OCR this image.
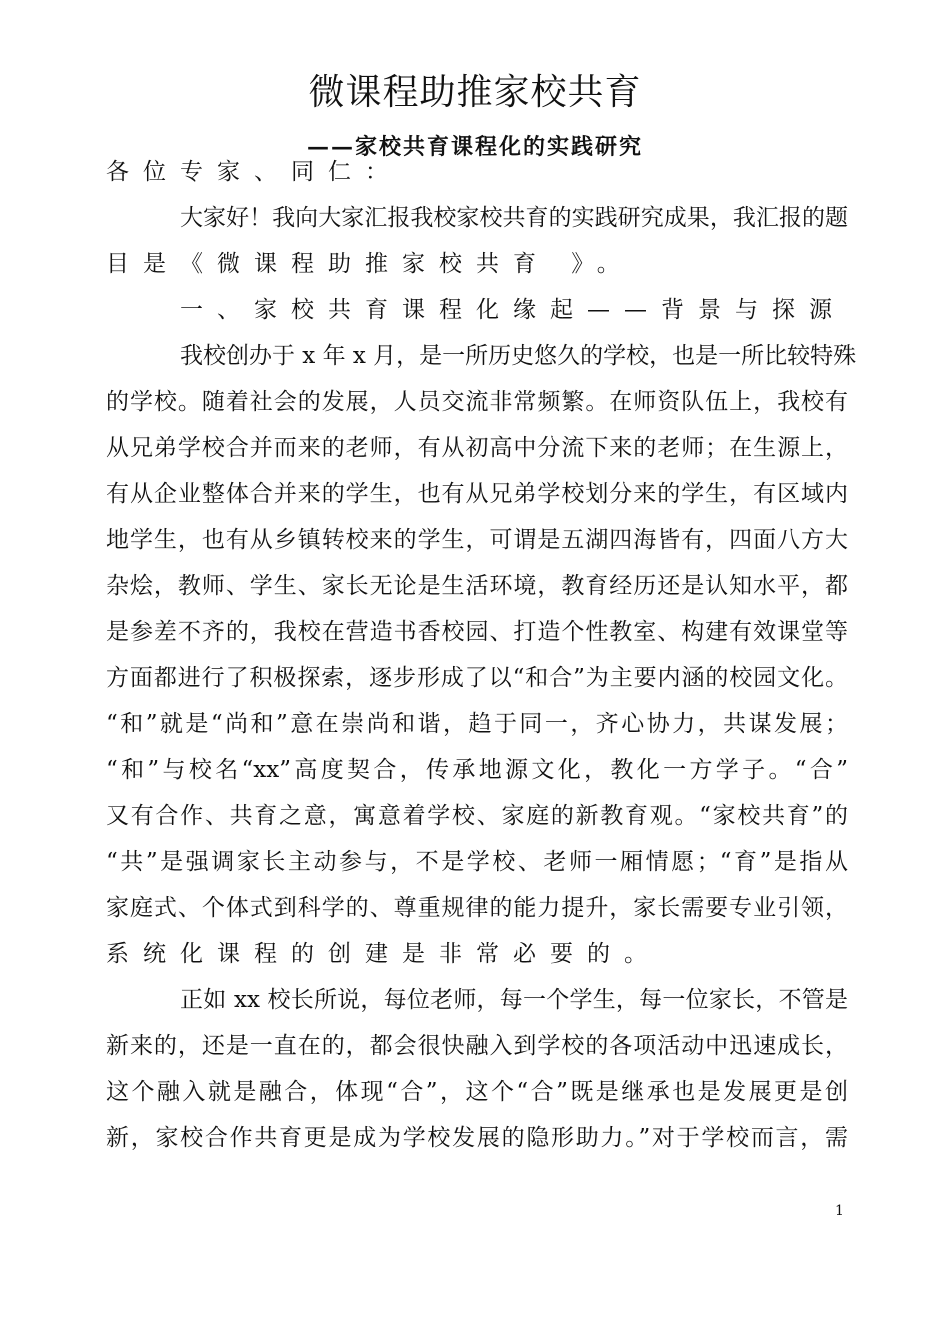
微课程助推家校共育
——家校共育课程化的实践研究
各位专家、同仁：
大家好！我向大家汇报我校家校共育的实践研究成果，我汇报的题
目是《微课程助推家校共育 》。
一、家校共育课程化缘起——背景与探源
我校创办于 x 年 x 月，是一所历史悠久的学校，也是一所比较特殊
的学校。随着社会的发展，人员交流非常频繁。在师资队伍上，我校有
从兄弟学校合并而来的老师，有从初高中分流下来的老师；在生源上，
有从企业整体合并来的学生，也有从兄弟学校划分来的学生，有区域内
地学生，也有从乡镇转校来的学生，可谓是五湖四海皆有，四面八方大
杂烩，教师、学生、家长无论是生活环境，教育经历还是认知水平，都
是参差不齐的，我校在营造书香校园、打造个性教室、构建有效课堂等
方面都进行了积极探索，逐步形成了以“和合”为主要内涵的校园文化。
“和”就是“尚和”意在崇尚和谐，趋于同一，齐心协力，共谋发展；
“和”与校名“xx”高度契合，传承地源文化，教化一方学子。“合”
又有合作、共育之意，寓意着学校、家庭的新教育观。“家校共育”的
“共”是强调家长主动参与，不是学校、老师一厢情愿；“育”是指从
家庭式、个体式到科学的、尊重规律的能力提升，家长需要专业引领，
系统化课程的创建是非常必要的。
正如 xx 校长所说，每位老师，每一个学生，每一位家长，不管是
新来的，还是一直在的，都会很快融入到学校的各项活动中迅速成长，
这个融入就是融合，体现“合”，这个“合”既是继承也是发展更是创
新，家校合作共育更是成为学校发展的隐形助力。”对于学校而言，需
1
